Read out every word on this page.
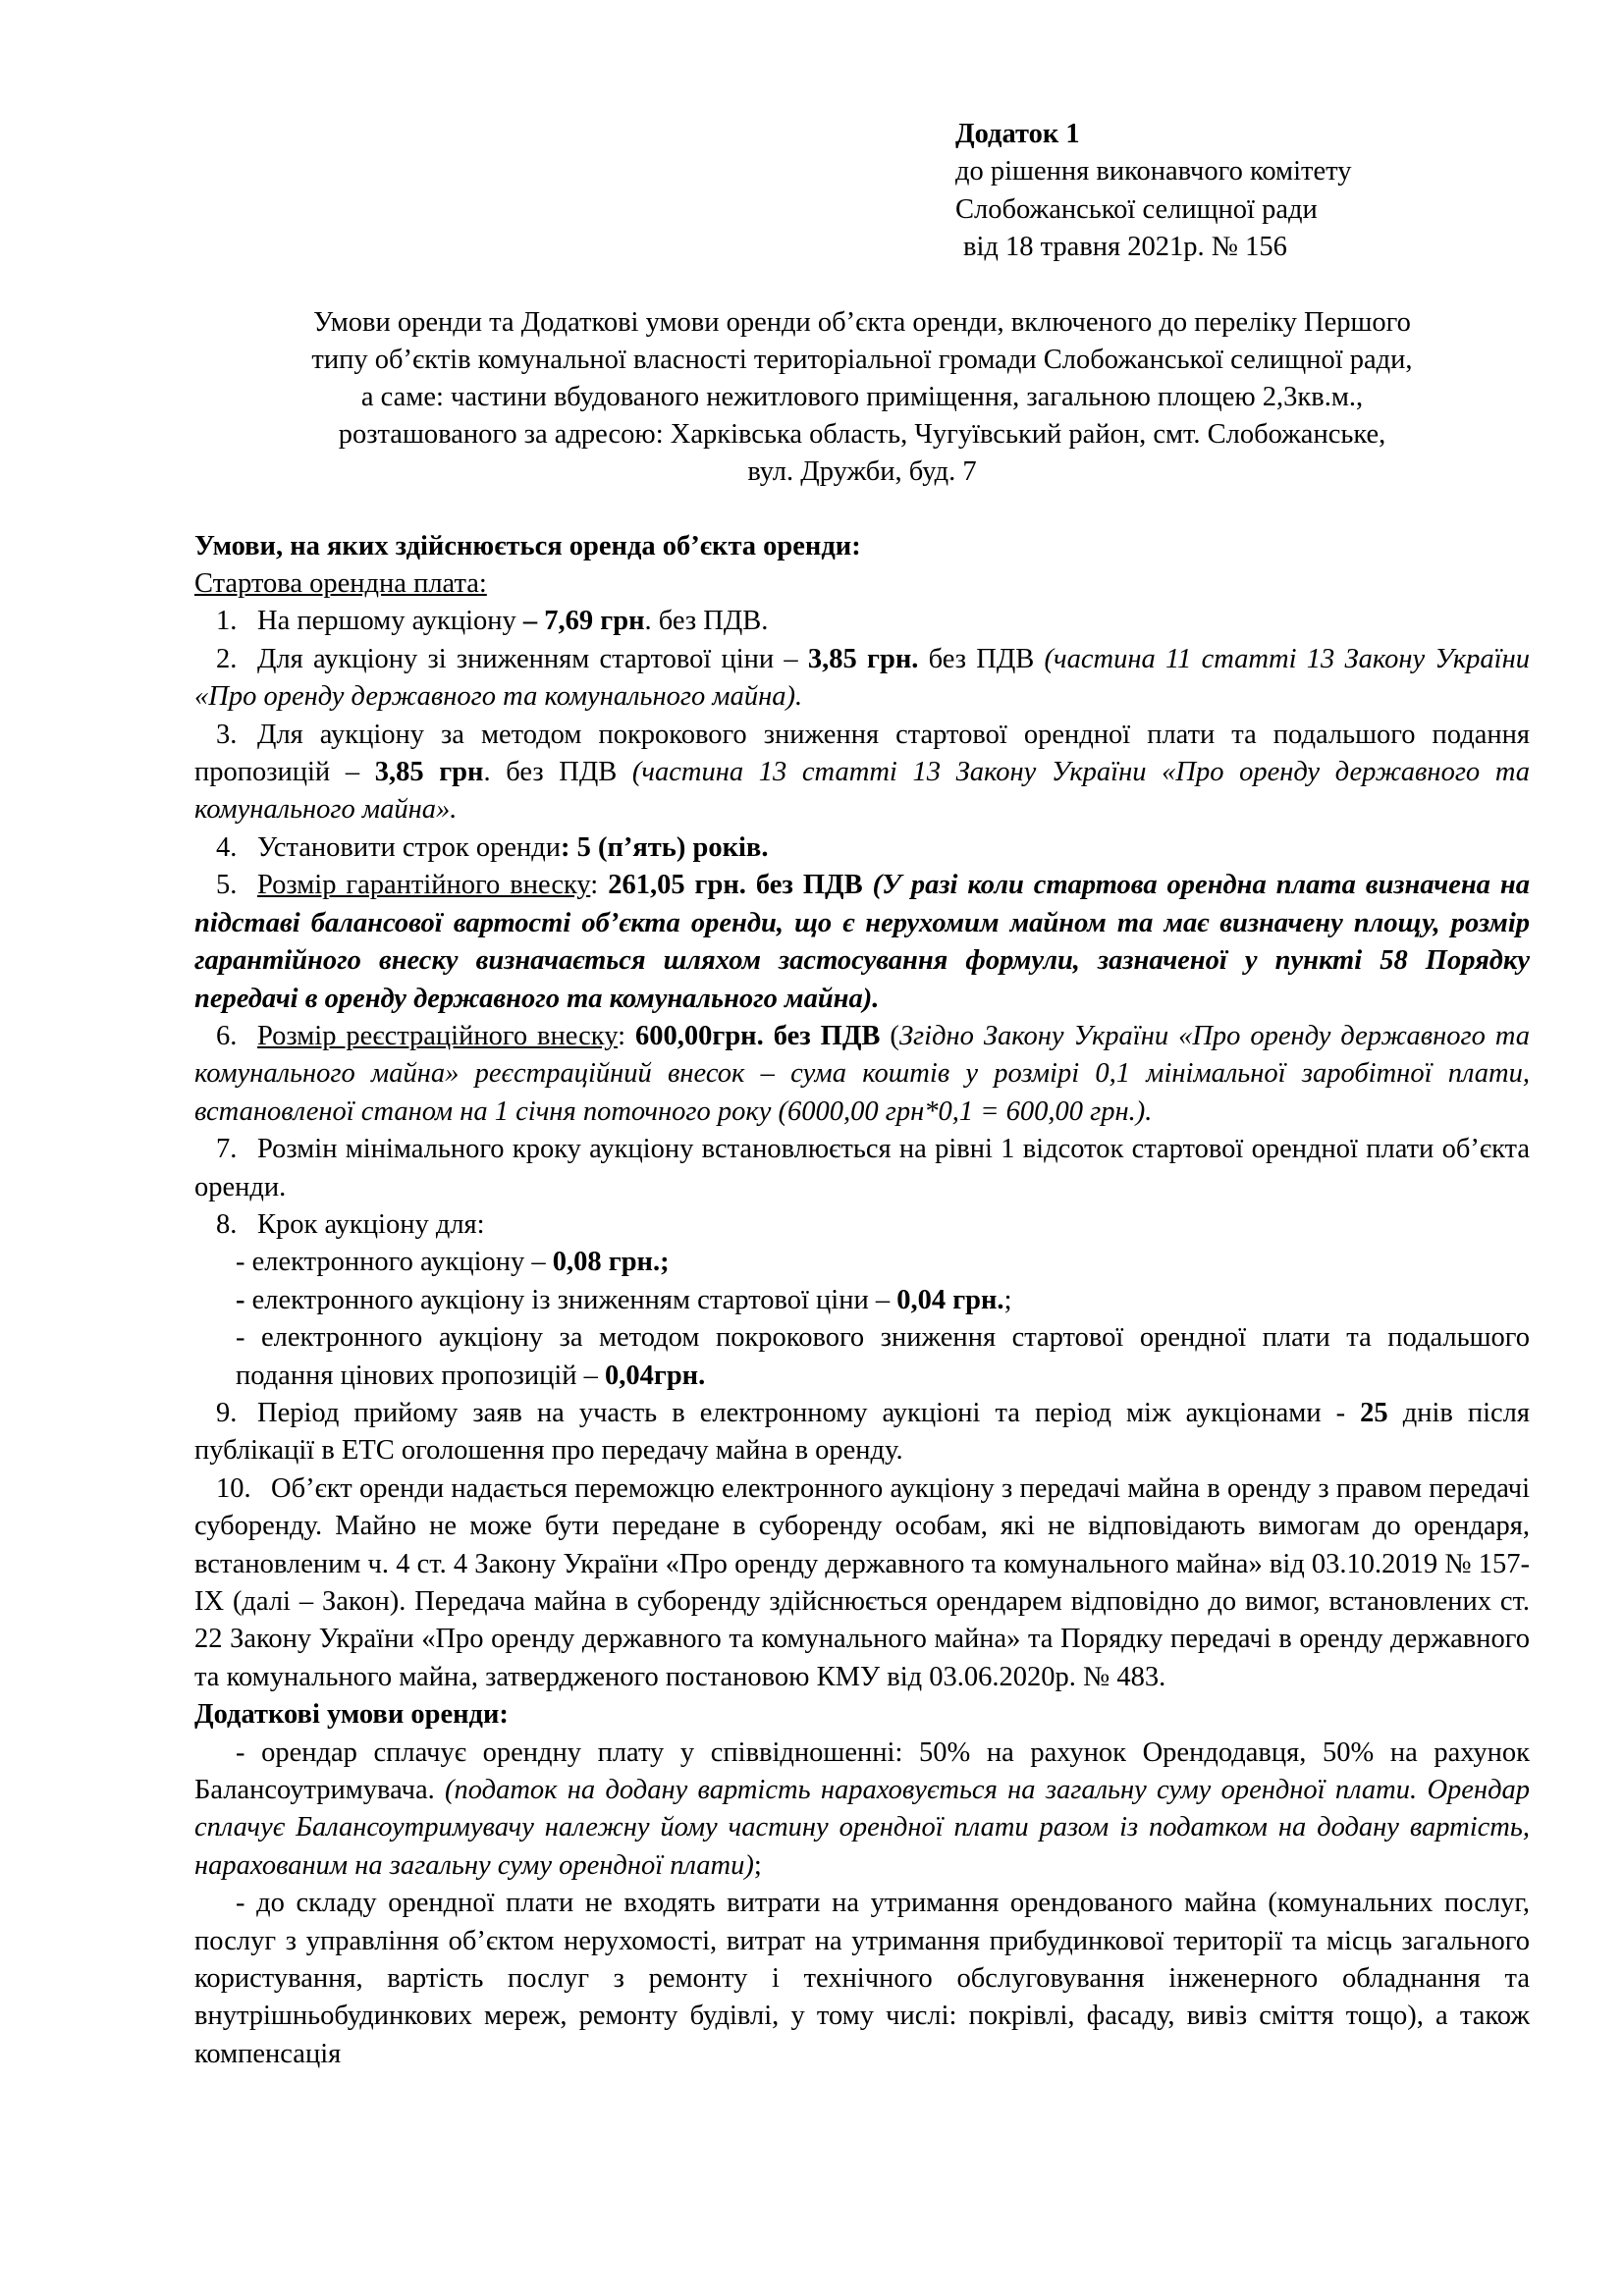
Додаток 1
до рішення виконавчого комітету
Слобожанської селищної ради
від 18 травня 2021р. № 156
Умови оренди та Додаткові умови оренди об’єкта оренди, включеного до переліку Першого
типу об’єктів комунальної власності територіальної громади Слобожанської селищної ради,
а саме: частини вбудованого нежитлового приміщення, загальною площею 2,3кв.м.,
розташованого за адресою: Харківська область, Чугуївський район, смт. Слобожанське,
вул. Дружби, буд. 7
Умови, на яких здійснюється оренда об’єкта оренди:
Стартова орендна плата:
1. На першому аукціону – 7,69 грн. без ПДВ.
2. Для аукціону зі зниженням стартової ціни – 3,85 грн. без ПДВ (частина 11 статті 13 Закону України «Про оренду державного та комунального майна).
3. Для аукціону за методом покрокового зниження стартової орендної плати та подальшого подання пропозицій – 3,85 грн. без ПДВ (частина 13 статті 13 Закону України «Про оренду державного та комунального майна».
4. Установити строк оренди: 5 (п’ять) років.
5. Розмір гарантійного внеску: 261,05 грн. без ПДВ (У разі коли стартова орендна плата визначена на підставі балансової вартості об’єкта оренди, що є нерухомим майном та має визначену площу, розмір гарантійного внеску визначається шляхом застосування формули, зазначеної у пункті 58 Порядку передачі в оренду державного та комунального майна).
6. Розмір реєстраційного внеску: 600,00грн. без ПДВ (Згідно Закону України «Про оренду державного та комунального майна» реєстраційний внесок – сума коштів у розмірі 0,1 мінімальної заробітної плати, встановленої станом на 1 січня поточного року (6000,00 грн*0,1 = 600,00 грн.).
7. Розмін мінімального кроку аукціону встановлюється на рівні 1 відсоток стартової орендної плати об’єкта оренди.
8. Крок аукціону для:
- електронного аукціону – 0,08 грн.;
- електронного аукціону із зниженням стартової ціни – 0,04 грн.;
- електронного аукціону за методом покрокового зниження стартової орендної плати та подальшого подання цінових пропозицій – 0,04грн.
9. Період прийому заяв на участь в електронному аукціоні та період між аукціонами - 25 днів після публікації в ЕТС оголошення про передачу майна в оренду.
10. Об’єкт оренди надається переможцю електронного аукціону з передачі майна в оренду з правом передачі суборенду. Майно не може бути передане в суборенду особам, які не відповідають вимогам до орендаря, встановленим ч. 4 ст. 4 Закону України «Про оренду державного та комунального майна» від 03.10.2019 № 157-IX (далі – Закон). Передача майна в суборенду здійснюється орендарем відповідно до вимог, встановлених ст. 22 Закону України «Про оренду державного та комунального майна» та Порядку передачі в оренду державного та комунального майна, затвердженого постановою КМУ від 03.06.2020р. № 483.
Додаткові умови оренди:
- орендар сплачує орендну плату у співвідношенні: 50% на рахунок Орендодавця, 50% на рахунок Балансоутримувача. (податок на додану вартість нараховується на загальну суму орендної плати. Орендар сплачує Балансоутримувачу належну йому частину орендної плати разом із податком на додану вартість, нарахованим на загальну суму орендної плати);
- до складу орендної плати не входять витрати на утримання орендованого майна (комунальних послуг, послуг з управління об’єктом нерухомості, витрат на утримання прибудинкової території та місць загального користування, вартість послуг з ремонту і технічного обслуговування інженерного обладнання та внутрішньобудинкових мереж, ремонту будівлі, у тому числі: покрівлі, фасаду, вивіз сміття тощо), а також компенсація
